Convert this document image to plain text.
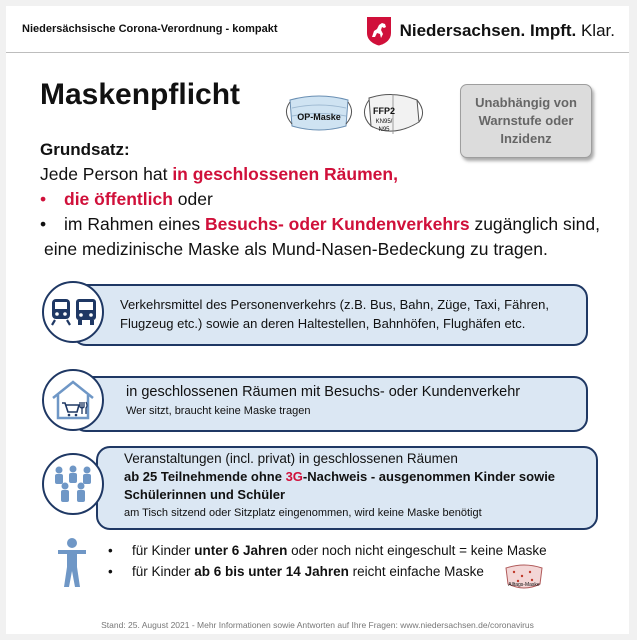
Niedersächsische Corona-Verordnung - kompakt	Niedersachsen. Impft. Klar.
Maskenpflicht
OP-Maske
FFP2
KN95/
N95
Unabhängig von Warnstufe oder Inzidenz
Grundsatz:
Jede Person hat in geschlossenen Räumen,
• die öffentlich oder
• im Rahmen eines Besuchs- oder Kundenverkehrs zugänglich sind,
eine medizinische Maske als Mund-Nasen-Bedeckung zu tragen.
Verkehrsmittel des Personenverkehrs (z.B. Bus, Bahn, Züge, Taxi, Fähren,
Flugzeug etc.) sowie an deren Haltestellen, Bahnhöfen, Flughäfen etc.
in geschlossenen Räumen mit Besuchs- oder Kundenverkehr
Wer sitzt, braucht keine Maske tragen
Veranstaltungen (incl. privat) in geschlossenen Räumen
ab 25 Teilnehmende ohne 3G-Nachweis - ausgenommen Kinder sowie
Schülerinnen und Schüler
am Tisch sitzend oder Sitzplatz eingenommen, wird keine Maske benötigt
• für Kinder unter 6 Jahren oder noch nicht eingeschult = keine Maske
• für Kinder ab 6 bis unter 14 Jahren reicht einfache Maske
Alltags-Maske
Stand: 25. August 2021 - Mehr Informationen sowie Antworten auf Ihre Fragen: www.niedersachsen.de/coronavirus
